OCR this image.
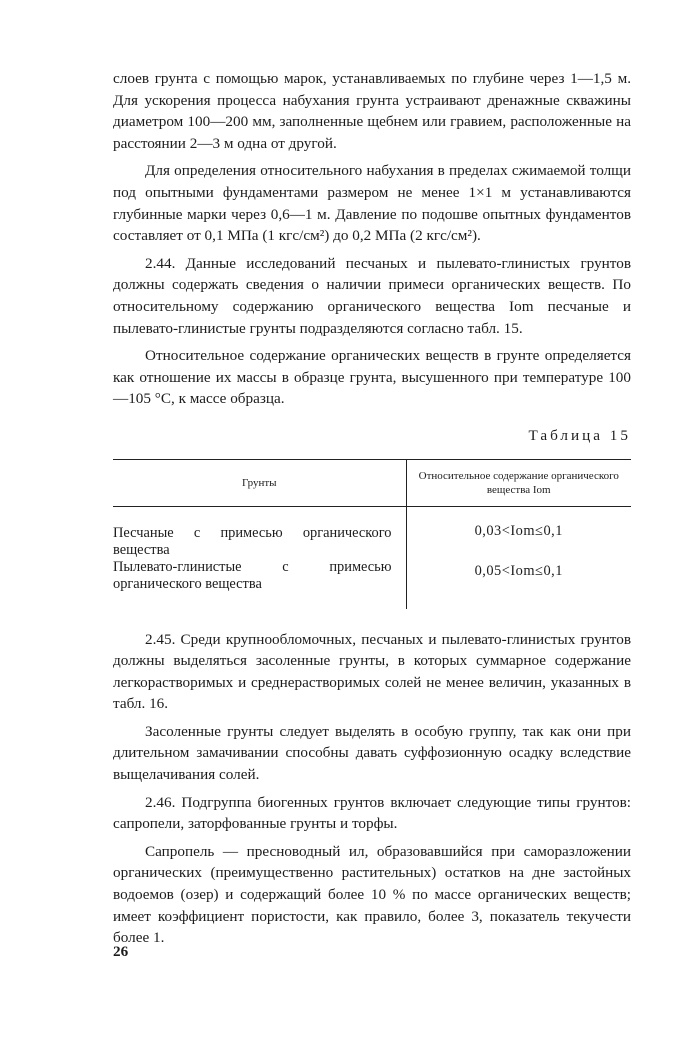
слоев грунта с помощью марок, устанавливаемых по глубине через 1—1,5 м. Для ускорения процесса набухания грунта устраивают дренажные скважины диаметром 100—200 мм, заполненные щебнем или гравием, расположенные на расстоянии 2—3 м одна от другой.

Для определения относительного набухания в пределах сжимаемой толщи под опытными фундаментами размером не менее 1×1 м устанавливаются глубинные марки через 0,6—1 м. Давление по подошве опытных фундаментов составляет от 0,1 МПа (1 кгс/см²) до 0,2 МПа (2 кгс/см²).

2.44. Данные исследований песчаных и пылевато-глинистых грунтов должны содержать сведения о наличии примеси органических веществ. По относительному содержанию органического вещества Iom песчаные и пылевато-глинистые грунты подразделяются согласно табл. 15.

Относительное содержание органических веществ в грунте определяется как отношение их массы в образце грунта, высушенного при температуре 100—105 °С, к массе образца.

Таблица 15
Грунты	Относительное содержание органического вещества Iom
Песчаные с примесью органического вещества	0,03<Iom≤0,1
Пылевато-глинистые с примесью органического вещества	0,05<Iom≤0,1

2.45. Среди крупнообломочных, песчаных и пылевато-глинистых грунтов должны выделяться засоленные грунты, в которых суммарное содержание легкорастворимых и среднерастворимых солей не менее величин, указанных в табл. 16.

Засоленные грунты следует выделять в особую группу, так как они при длительном замачивании способны давать суффозионную осадку вследствие выщелачивания солей.

2.46. Подгруппа биогенных грунтов включает следующие типы грунтов: сапропели, заторфованные грунты и торфы.

Сапропель — пресноводный ил, образовавшийся при саморазложении органических (преимущественно растительных) остатков на дне застойных водоемов (озер) и содержащий более 10 % по массе органических веществ; имеет коэффициент пористости, как правило, более 3, показатель текучести более 1.

26
